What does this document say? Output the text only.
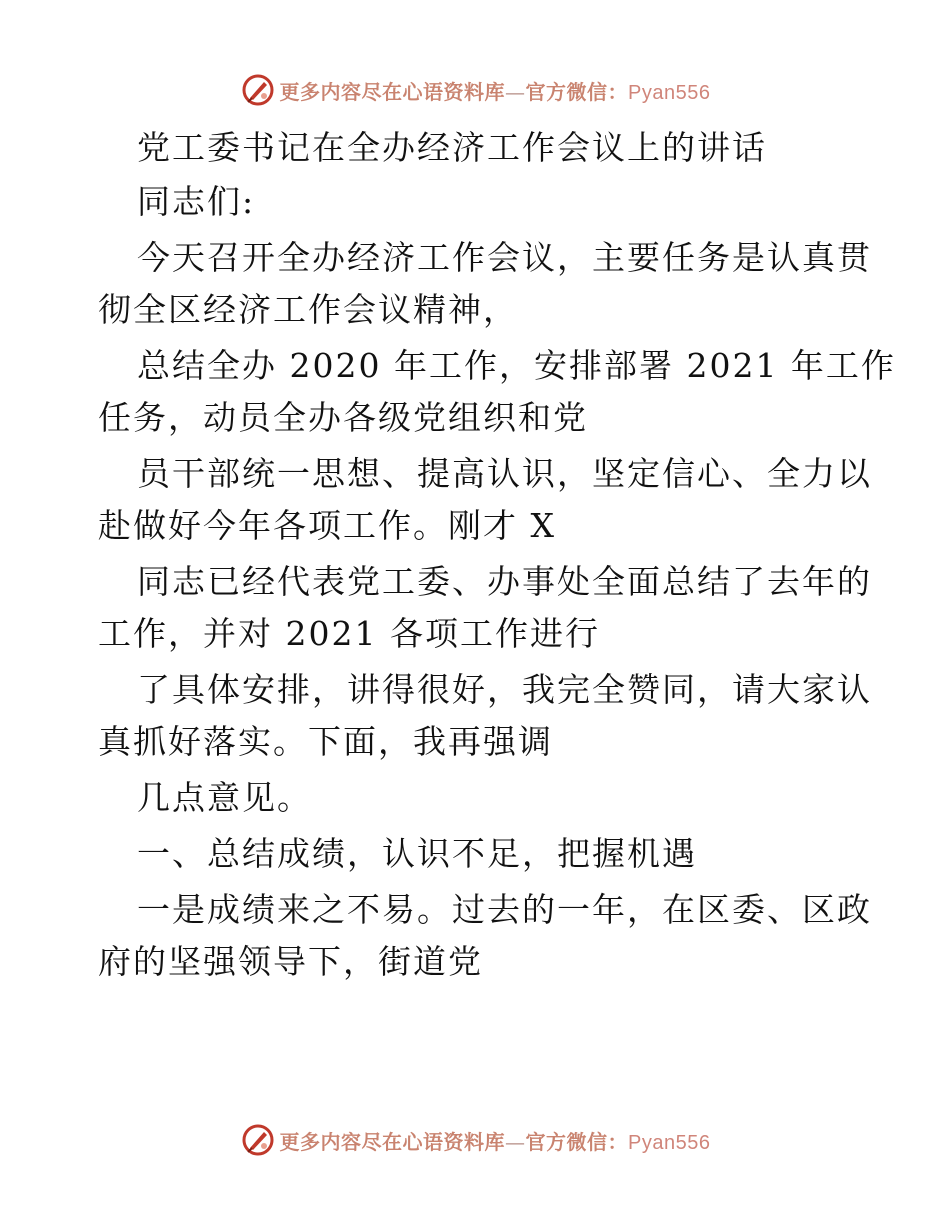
更多内容尽在心语资料库—官方微信：Pyan556
党工委书记在全办经济工作会议上的讲话
同志们:
今天召开全办经济工作会议，主要任务是认真贯
彻全区经济工作会议精神，
总结全办 2020 年工作，安排部署 2021 年工作
任务，动员全办各级党组织和党
员干部统一思想、提高认识，坚定信心、全力以
赴做好今年各项工作。刚才 X
同志已经代表党工委、办事处全面总结了去年的
工作，并对 2021 各项工作进行
了具体安排，讲得很好，我完全赞同，请大家认
真抓好落实。下面，我再强调
几点意见。
一、总结成绩，认识不足，把握机遇
一是成绩来之不易。过去的一年，在区委、区政
府的坚强领导下，街道党
更多内容尽在心语资料库—官方微信：Pyan556
